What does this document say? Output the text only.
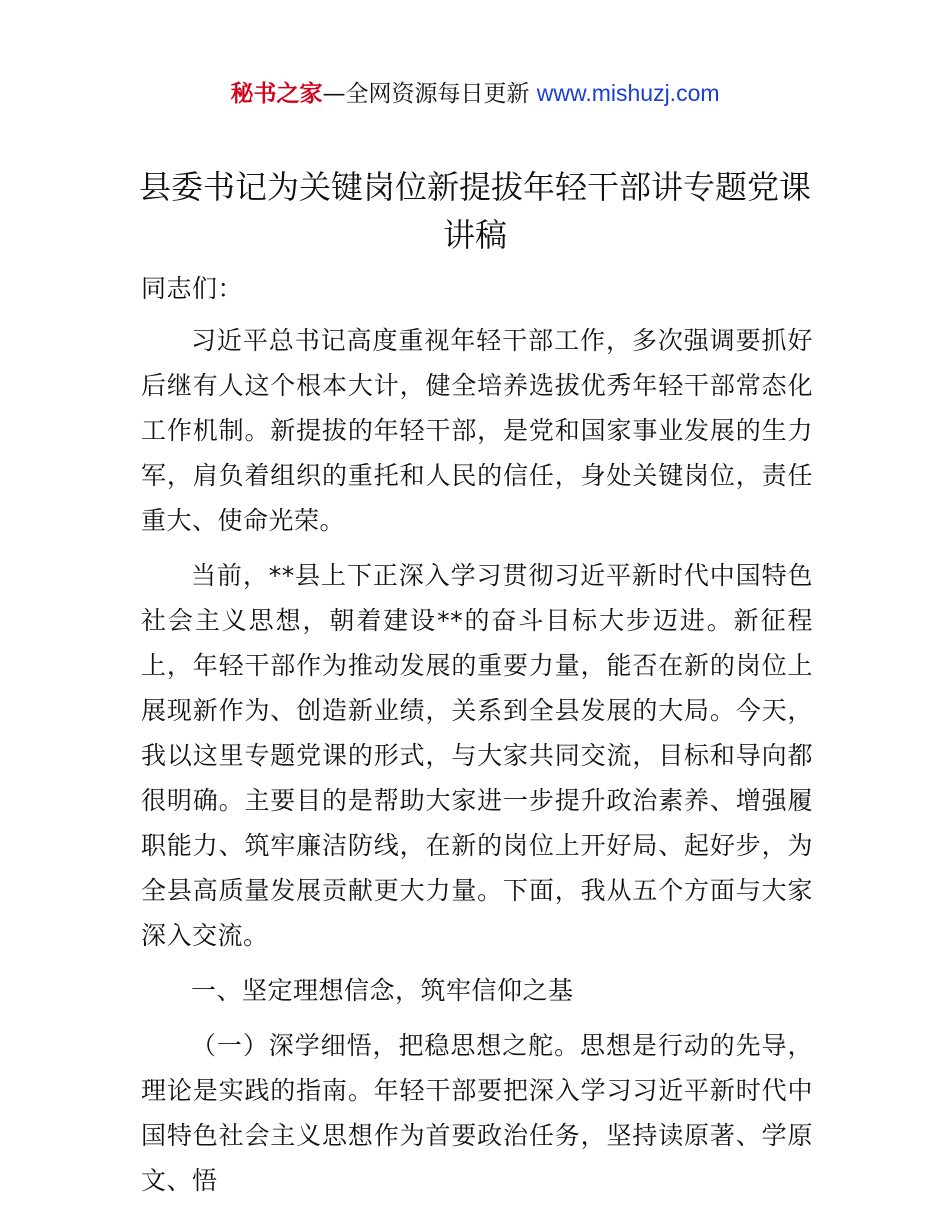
秘书之家—全网资源每日更新 www.mishuzj.com
县委书记为关键岗位新提拔年轻干部讲专题党课讲稿

同志们：

习近平总书记高度重视年轻干部工作，多次强调要抓好后继有人这个根本大计，健全培养选拔优秀年轻干部常态化工作机制。新提拔的年轻干部，是党和国家事业发展的生力军，肩负着组织的重托和人民的信任，身处关键岗位，责任重大、使命光荣。

当前，**县上下正深入学习贯彻习近平新时代中国特色社会主义思想，朝着建设**的奋斗目标大步迈进。新征程上，年轻干部作为推动发展的重要力量，能否在新的岗位上展现新作为、创造新业绩，关系到全县发展的大局。今天，我以这里专题党课的形式，与大家共同交流，目标和导向都很明确。主要目的是帮助大家进一步提升政治素养、增强履职能力、筑牢廉洁防线，在新的岗位上开好局、起好步，为全县高质量发展贡献更大力量。下面，我从五个方面与大家深入交流。

一、坚定理想信念，筑牢信仰之基

（一）深学细悟，把稳思想之舵。思想是行动的先导，理论是实践的指南。年轻干部要把深入学习习近平新时代中国特色社会主义思想作为首要政治任务，坚持读原著、学原文、悟
